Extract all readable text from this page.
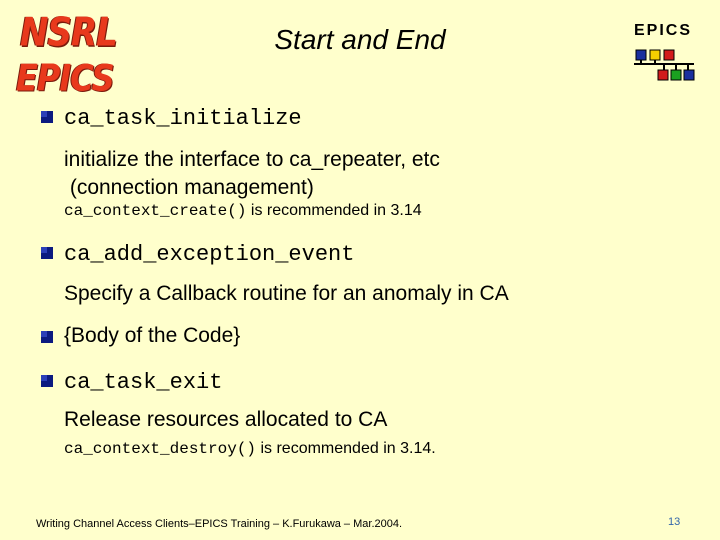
NSRL
EPICS
Start and End	EPICS
ca_task_initialize
initialize the interface to ca_repeater, etc
(connection management)
ca_context_create() is recommended in 3.14
ca_add_exception_event
Specify a Callback routine for an anomaly in CA
{Body of the Code}
ca_task_exit
Release resources allocated to CA
ca_context_destroy() is recommended in 3.14.
Writing Channel Access Clients–EPICS Training – K.Furukawa – Mar.2004.	13
